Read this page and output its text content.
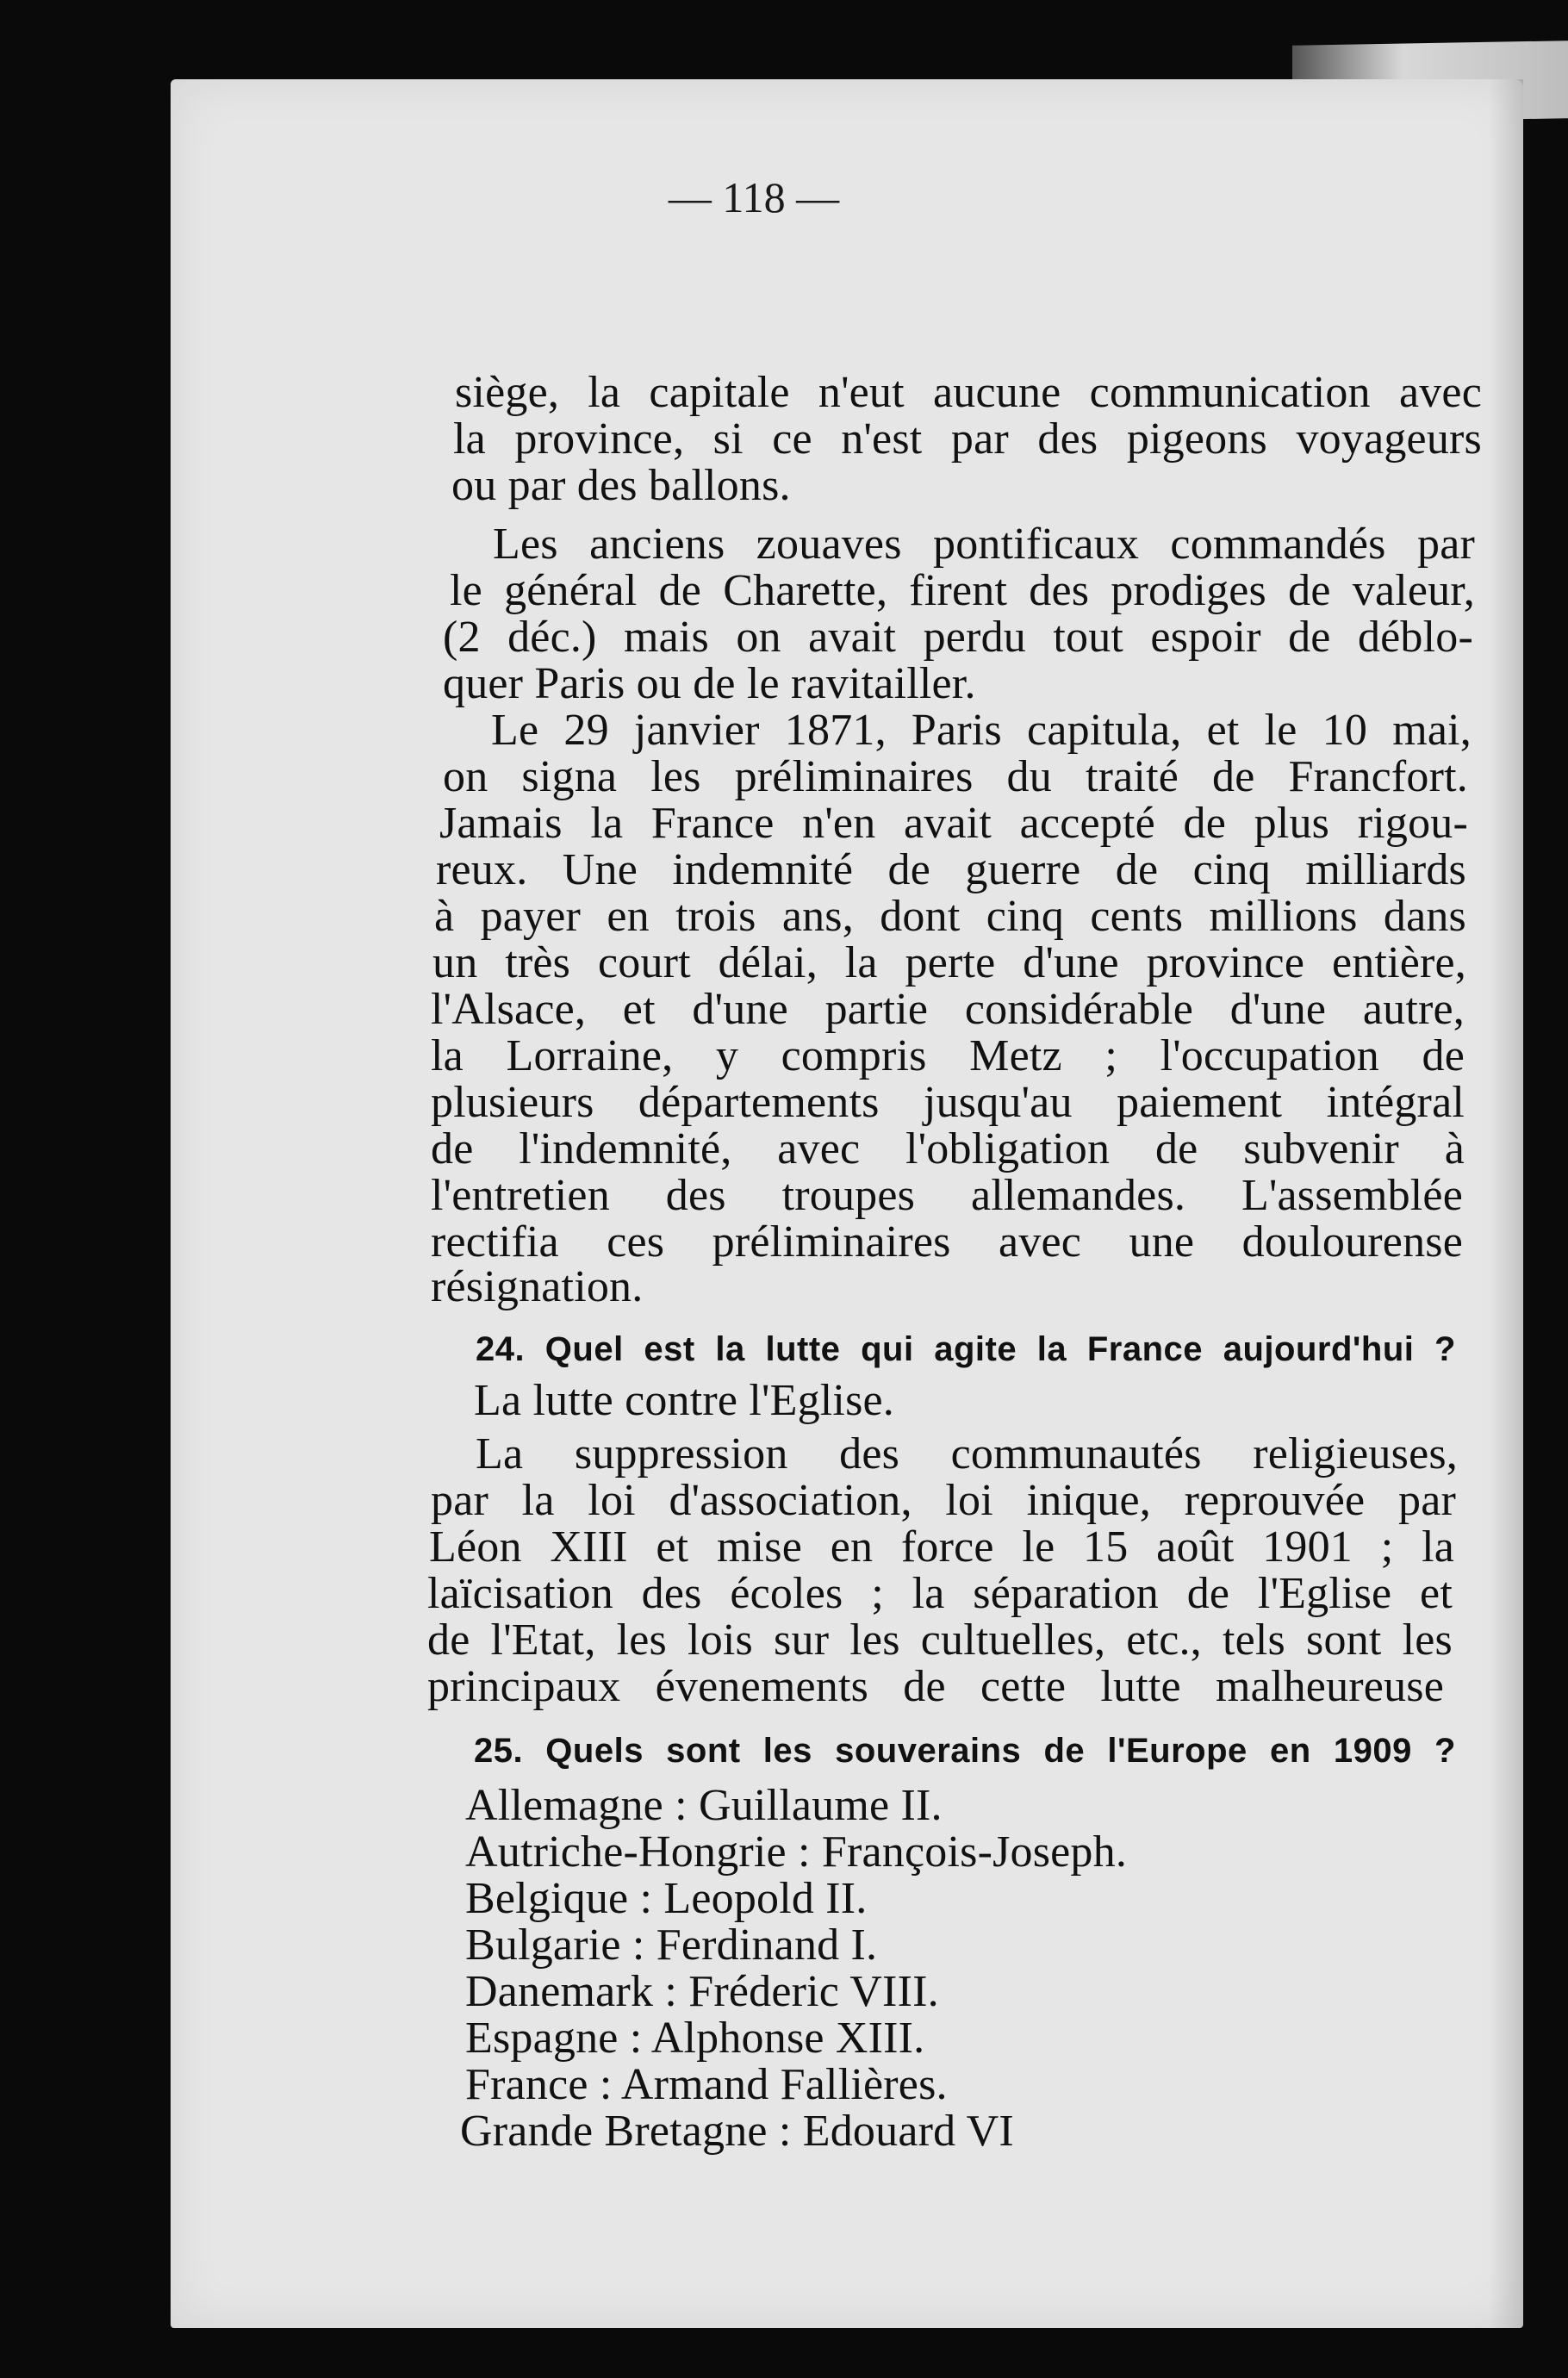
— 118 —
siège, la capitale n'eut aucune communication avec
la province, si ce n'est par des pigeons voyageurs
ou par des ballons.
Les anciens zouaves pontificaux commandés par
le général de Charette, firent des prodiges de valeur,
(2 déc.) mais on avait perdu tout espoir de déblo-
quer Paris ou de le ravitailler.
Le 29 janvier 1871, Paris capitula, et le 10 mai,
on signa les préliminaires du traité de Francfort.
Jamais la France n'en avait accepté de plus rigou-
reux. Une indemnité de guerre de cinq milliards
à payer en trois ans, dont cinq cents millions dans
un très court délai, la perte d'une province entière,
l'Alsace, et d'une partie considérable d'une autre,
la Lorraine, y compris Metz ; l'occupation de
plusieurs départements jusqu'au paiement intégral
de l'indemnité, avec l'obligation de subvenir à
l'entretien des troupes allemandes. L'assemblée
rectifia ces préliminaires avec une doulourense
résignation.
24. Quel est la lutte qui agite la France aujourd'hui ?
La lutte contre l'Eglise.
La suppression des communautés religieuses,
par la loi d'association, loi inique, reprouvée par
Léon XIII et mise en force le 15 août 1901 ; la
laïcisation des écoles ; la séparation de l'Eglise et
de l'Etat, les lois sur les cultuelles, etc., tels sont les
principaux évenements de cette lutte malheureuse
25. Quels sont les souverains de l'Europe en 1909 ?
Allemagne : Guillaume II.
Autriche-Hongrie : François-Joseph.
Belgique : Leopold II.
Bulgarie : Ferdinand I.
Danemark : Fréderic VIII.
Espagne : Alphonse XIII.
France : Armand Fallières.
Grande Bretagne : Edouard VI
